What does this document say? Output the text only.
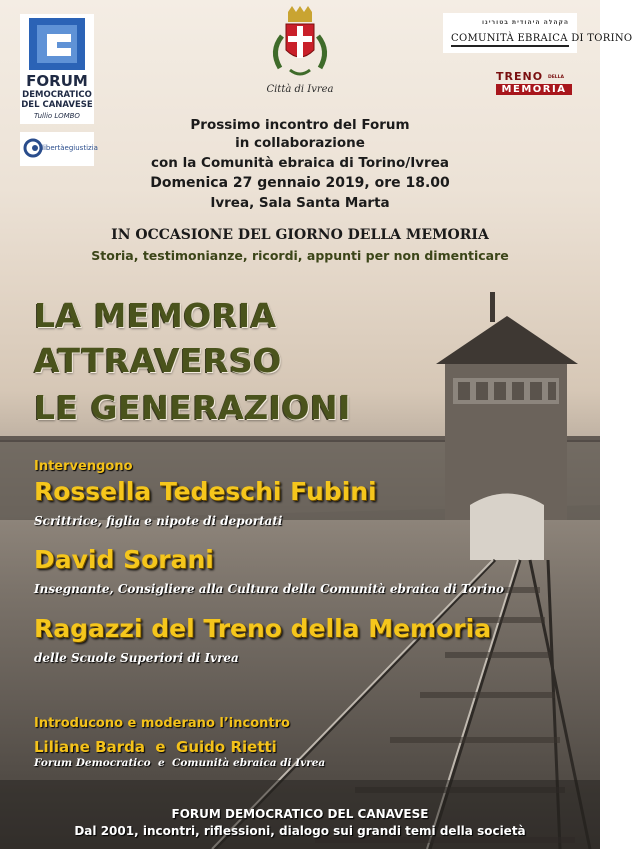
FORUM
DEMOCRATICO
DEL CANAVESE
Tullio LOMBO
libertàegiustizia
Città di Ivrea
הקהלה היהודית בטורינו
COMUNITÀ EBRAICA DI TORINO
TRENO	DELLA
MEMORIA
Prossimo incontro del Forum
in collaborazione
con la Comunità ebraica di Torino/Ivrea
Domenica 27 gennaio 2019, ore 18.00
Ivrea, Sala Santa Marta
IN OCCASIONE DEL GIORNO DELLA MEMORIA
Storia, testimonianze, ricordi, appunti per non dimenticare
LA MEMORIA
ATTRAVERSO
LE GENERAZIONI
Intervengono
Rossella Tedeschi Fubini
Scrittrice, figlia e nipote di deportati
David Sorani
Insegnante, Consigliere alla Cultura della Comunità ebraica di Torino
Ragazzi del Treno della Memoria
delle Scuole Superiori di Ivrea
Introducono e moderano l’incontro
Liliane Barda  e  Guido Rietti
Forum Democratico  e  Comunità ebraica di Ivrea
FORUM DEMOCRATICO DEL CANAVESE
Dal 2001, incontri, riflessioni, dialogo sui grandi temi della società
